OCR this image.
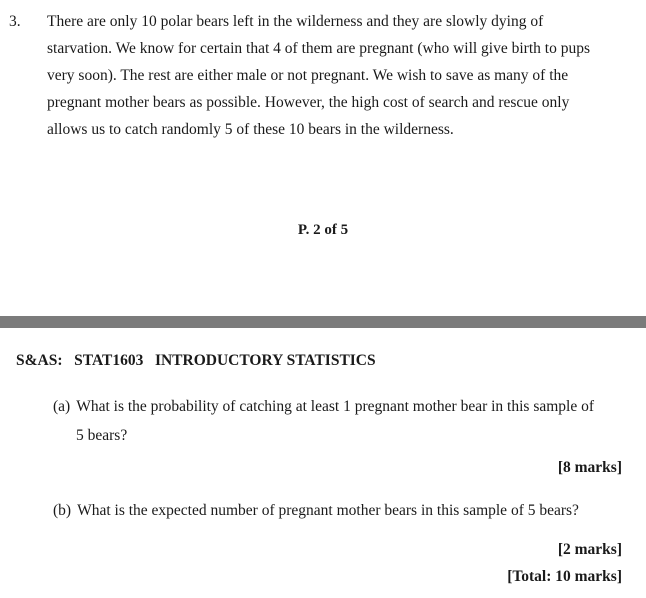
3. There are only 10 polar bears left in the wilderness and they are slowly dying of
starvation. We know for certain that 4 of them are pregnant (who will give birth to pups
very soon). The rest are either male or not pregnant. We wish to save as many of the
pregnant mother bears as possible. However, the high cost of search and rescue only
allows us to catch randomly 5 of these 10 bears in the wilderness.
P. 2 of 5
S&AS:   STAT1603   INTRODUCTORY STATISTICS
(a) What is the probability of catching at least 1 pregnant mother bear in this sample of
5 bears?
[8 marks]
(b) What is the expected number of pregnant mother bears in this sample of 5 bears?
[2 marks]
[Total: 10 marks]
